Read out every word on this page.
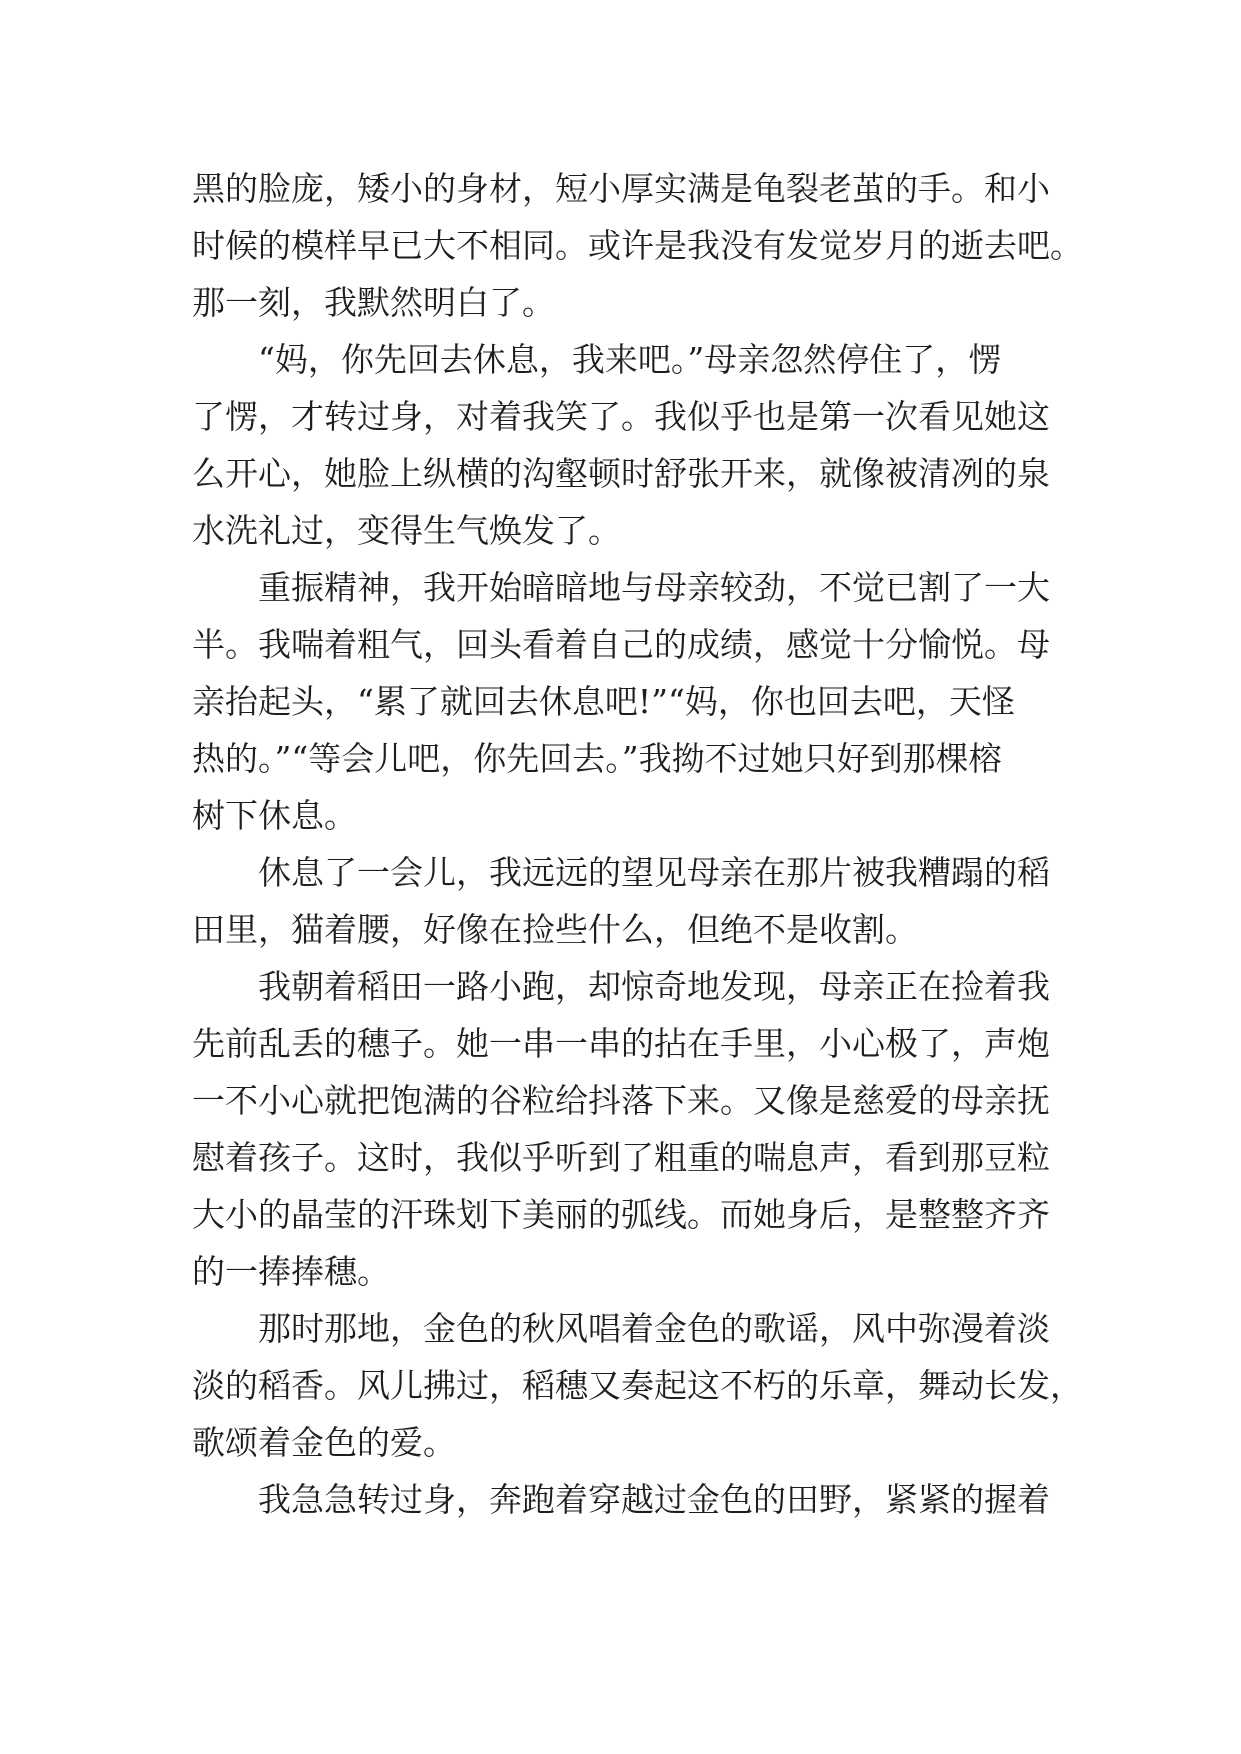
黑的脸庞，矮小的身材，短小厚实满是龟裂老茧的手。和小
时候的模样早已大不相同。或许是我没有发觉岁月的逝去吧。
那一刻，我默然明白了。
“妈，你先回去休息，我来吧。”母亲忽然停住了，愣
了愣，才转过身，对着我笑了。我似乎也是第一次看见她这
么开心，她脸上纵横的沟壑顿时舒张开来，就像被清冽的泉
水洗礼过，变得生气焕发了。
重振精神，我开始暗暗地与母亲较劲，不觉已割了一大
半。我喘着粗气，回头看着自己的成绩，感觉十分愉悦。母
亲抬起头，“累了就回去休息吧!”“妈，你也回去吧，天怪
热的。”“等会儿吧，你先回去。”我拗不过她只好到那棵榕
树下休息。
休息了一会儿，我远远的望见母亲在那片被我糟蹋的稻
田里，猫着腰，好像在捡些什么，但绝不是收割。
我朝着稻田一路小跑，却惊奇地发现，母亲正在捡着我
先前乱丢的穗子。她一串一串的拈在手里，小心极了，声炮
一不小心就把饱满的谷粒给抖落下来。又像是慈爱的母亲抚
慰着孩子。这时，我似乎听到了粗重的喘息声，看到那豆粒
大小的晶莹的汗珠划下美丽的弧线。而她身后，是整整齐齐
的一捧捧穗。
那时那地，金色的秋风唱着金色的歌谣，风中弥漫着淡
淡的稻香。风儿拂过，稻穗又奏起这不朽的乐章，舞动长发，
歌颂着金色的爱。
我急急转过身，奔跑着穿越过金色的田野，紧紧的握着
